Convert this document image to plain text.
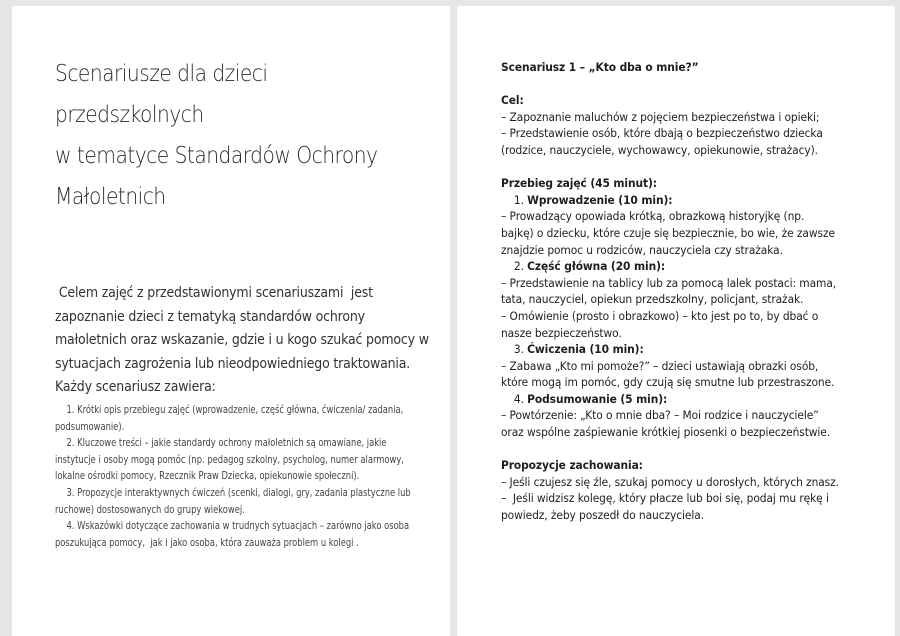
Scenariusze dla dzieci
przedszkolnych
w tematyce Standardów Ochrony
Małoletnich

Celem zajęć z przedstawionymi scenariuszami  jest

zapoznanie dzieci z tematyką standardów ochrony

małoletnich oraz wskazanie, gdzie i u kogo szukać pomocy w

sytuacjach zagrożenia lub nieodpowiedniego traktowania.

Każdy scenariusz zawiera:

1. Krótki opis przebiegu zajęć (wprowadzenie, część główna, ćwiczenia/ zadania,

podsumowanie).

2. Kluczowe treści – jakie standardy ochrony małoletnich są omawiane, jakie

instytucje i osoby mogą pomóc (np. pedagog szkolny, psycholog, numer alarmowy,

lokalne ośrodki pomocy, Rzecznik Praw Dziecka, opiekunowie społeczni).

3. Propozycje interaktywnych ćwiczeń (scenki, dialogi, gry, zadania plastyczne lub

ruchowe) dostosowanych do grupy wiekowej.

4. Wskazówki dotyczące zachowania w trudnych sytuacjach – zarówno jako osoba

poszukująca pomocy,  jak i jako osoba, która zauważa problem u kolegi .

Scenariusz 1 – „Kto dba o mnie?”

Cel:

– Zapoznanie maluchów z pojęciem bezpieczeństwa i opieki;

– Przedstawienie osób, które dbają o bezpieczeństwo dziecka

(rodzice, nauczyciele, wychowawcy, opiekunowie, strażacy).

Przebieg zajęć (45 minut):

1. Wprowadzenie (10 min):

– Prowadzący opowiada krótką, obrazkową historyjkę (np.

bajkę) o dziecku, które czuje się bezpiecznie, bo wie, że zawsze

znajdzie pomoc u rodziców, nauczyciela czy strażaka.

2. Część główna (20 min):

– Przedstawienie na tablicy lub za pomocą lalek postaci: mama,

tata, nauczyciel, opiekun przedszkolny, policjant, strażak.

– Omówienie (prosto i obrazkowo) – kto jest po to, by dbać o

nasze bezpieczeństwo.

3. Ćwiczenia (10 min):

– Zabawa „Kto mi pomoże?” – dzieci ustawiają obrazki osób,

które mogą im pomóc, gdy czują się smutne lub przestraszone.

4. Podsumowanie (5 min):

– Powtórzenie: „Kto o mnie dba? – Moi rodzice i nauczyciele”

oraz wspólne zaśpiewanie krótkiej piosenki o bezpieczeństwie.

Propozycje zachowania:

– Jeśli czujesz się źle, szukaj pomocy u dorosłych, których znasz.

–  Jeśli widzisz kolegę, który płacze lub boi się, podaj mu rękę i

powiedz, żeby poszedł do nauczyciela.
